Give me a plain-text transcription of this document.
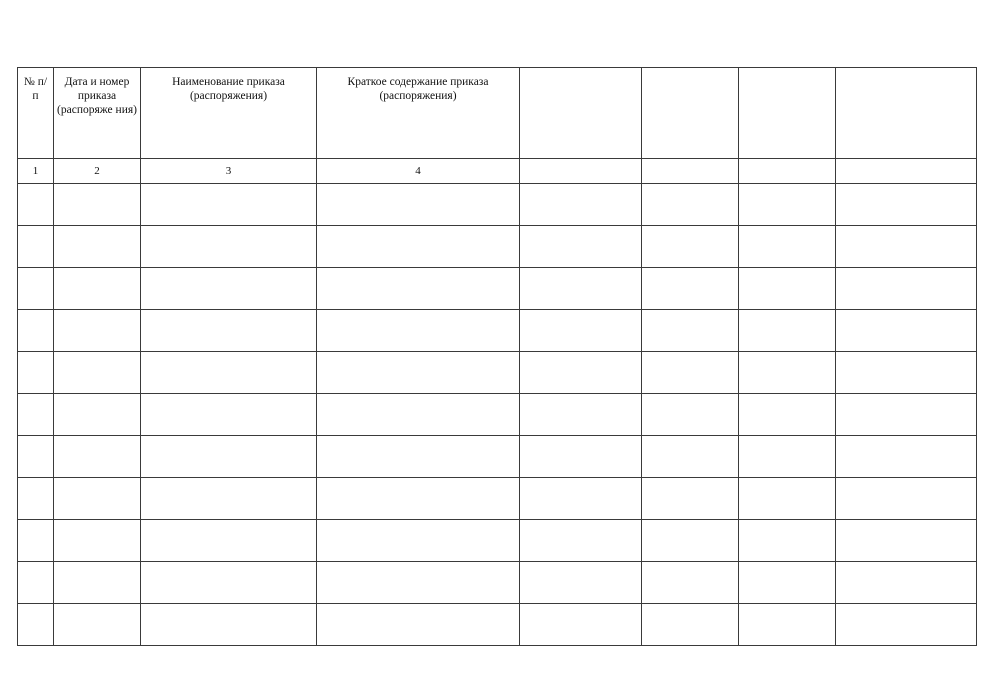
№ п/п	Дата и номер приказа (распоряже ния)	Наименование приказа (распоряжения)	Краткое содержание приказа (распоряжения)				

1	2	3	4				
